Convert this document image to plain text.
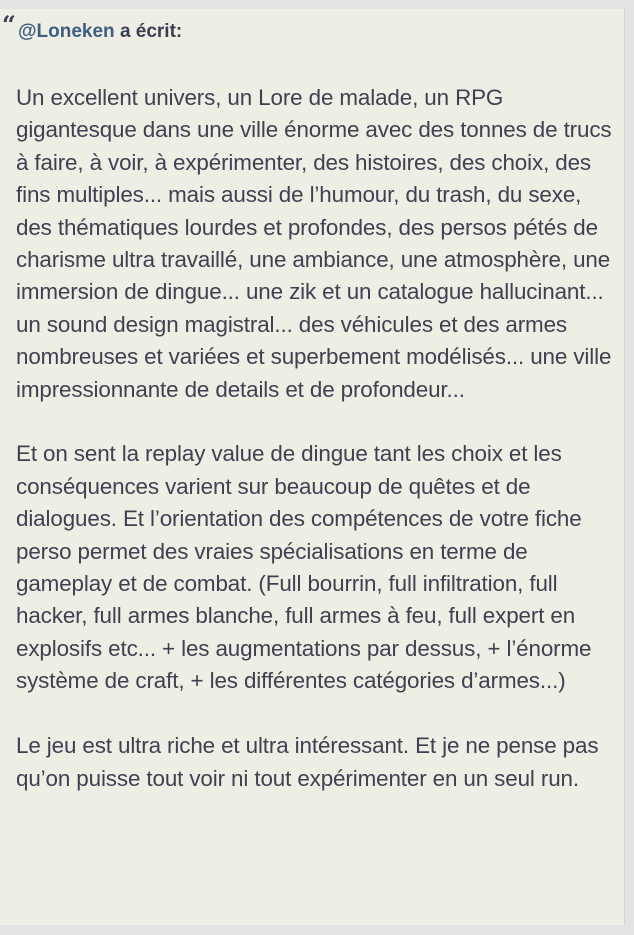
“ @Loneken a écrit:

Un excellent univers, un Lore de malade, un RPG gigantesque dans une ville énorme avec des tonnes de trucs à faire, à voir, à expérimenter, des histoires, des choix, des fins multiples... mais aussi de l’humour, du trash, du sexe, des thématiques lourdes et profondes, des persos pétés de charisme ultra travaillé, une ambiance, une atmosphère, une immersion de dingue... une zik et un catalogue hallucinant... un sound design magistral... des véhicules et des armes nombreuses et variées et superbement modélisés... une ville impressionnante de details et de profondeur...

Et on sent la replay value de dingue tant les choix et les conséquences varient sur beaucoup de quêtes et de dialogues. Et l’orientation des compétences de votre fiche perso permet des vraies spécialisations en terme de gameplay et de combat. (Full bourrin, full infiltration, full hacker, full armes blanche, full armes à feu, full expert en explosifs etc... + les augmentations par dessus, + l’énorme système de craft, + les différentes catégories d’armes...)

Le jeu est ultra riche et ultra intéressant. Et je ne pense pas qu’on puisse tout voir ni tout expérimenter en un seul run.
